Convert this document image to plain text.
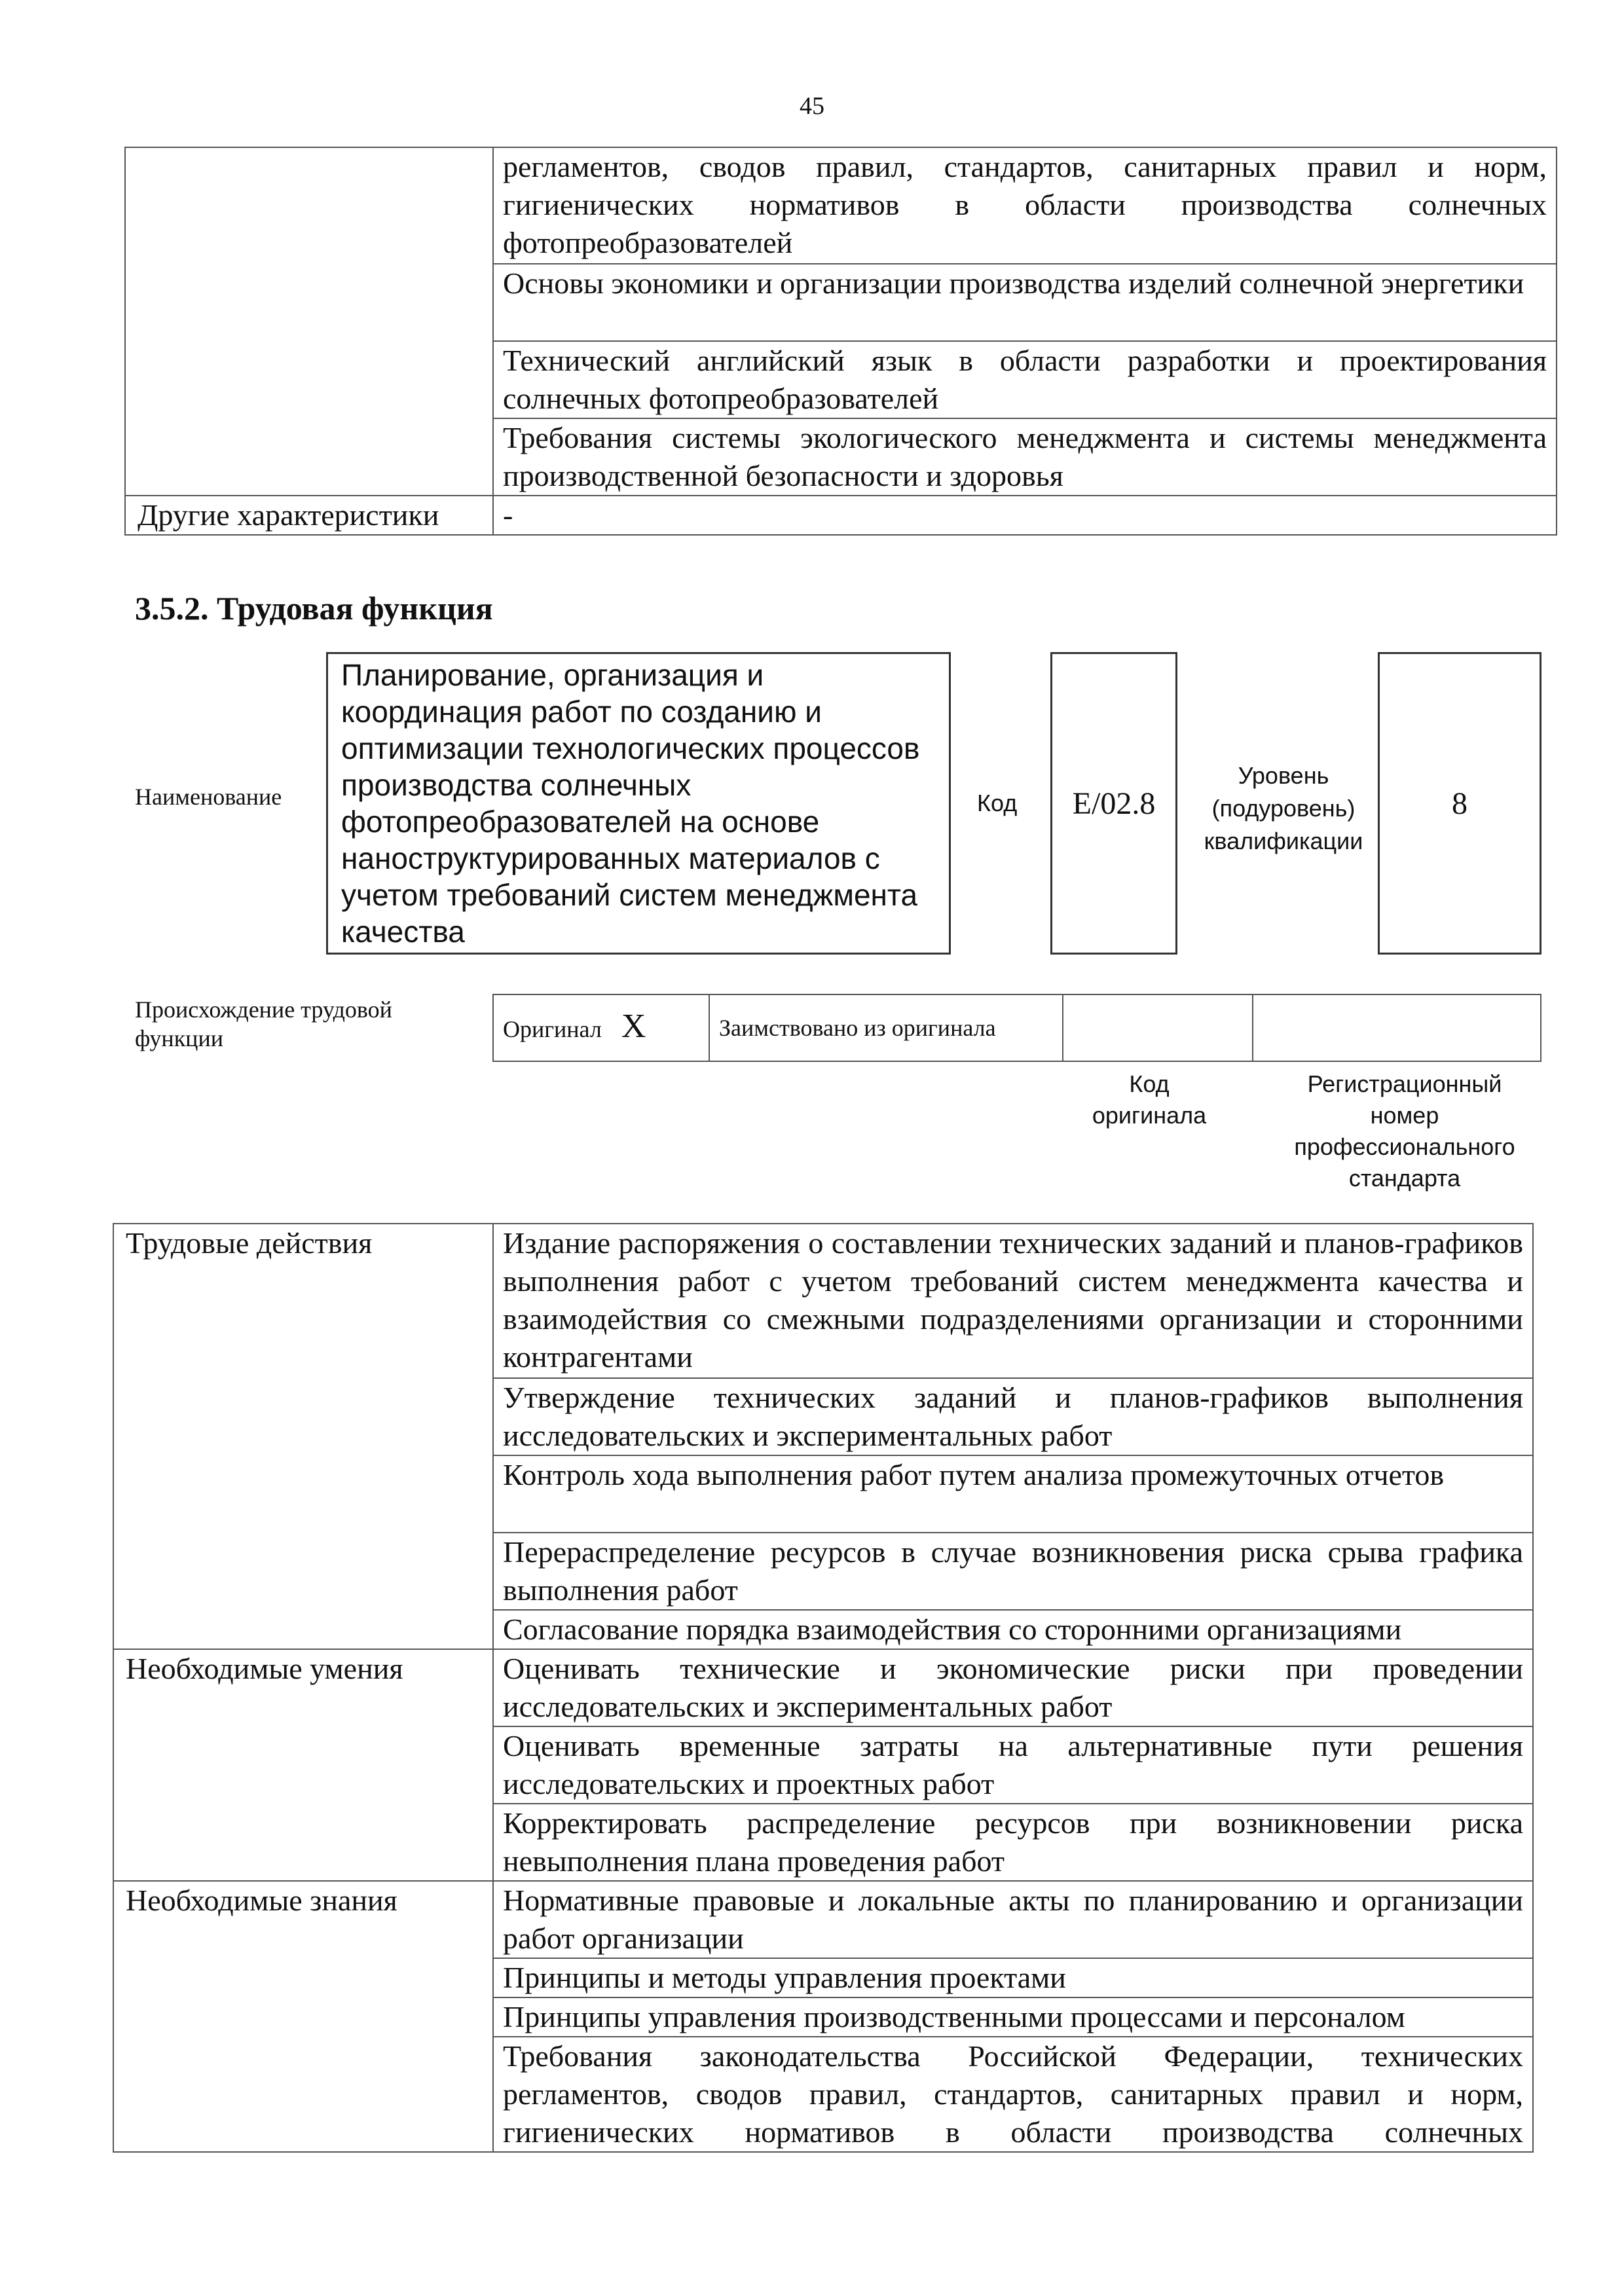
45
	регламентов, сводов правил, стандартов, санитарных правил и норм, гигиенических нормативов в области производства солнечных фотопреобразователей
	Основы экономики и организации производства изделий солнечной энергетики
	Технический английский язык в области разработки и проектирования солнечных фотопреобразователей
	Требования системы экологического менеджмента и системы менеджмента производственной безопасности и здоровья
Другие характеристики	-
3.5.2. Трудовая функция
Наименование
Планирование, организация и координация работ по созданию и оптимизации технологических процессов производства солнечных фотопреобразователей на основе наноструктурированных материалов с учетом требований систем менеджмента качества
Код	E/02.8
Уровень (подуровень) квалификации
8
Происхождение трудовой функции	Оригинал X	Заимствовано из оригинала		
Код оригинала
Регистрационный номер профессионального стандарта
Трудовые действия	Издание распоряжения о составлении технических заданий и планов-графиков выполнения работ с учетом требований систем менеджмента качества и взаимодействия со смежными подразделениями организации и сторонними контрагентами
	Утверждение технических заданий и планов-графиков выполнения исследовательских и экспериментальных работ
	Контроль хода выполнения работ путем анализа промежуточных отчетов
	Перераспределение ресурсов в случае возникновения риска срыва графика выполнения работ
	Согласование порядка взаимодействия со сторонними организациями
Необходимые умения	Оценивать технические и экономические риски при проведении исследовательских и экспериментальных работ
	Оценивать временные затраты на альтернативные пути решения исследовательских и проектных работ
	Корректировать распределение ресурсов при возникновении риска невыполнения плана проведения работ
Необходимые знания	Нормативные правовые и локальные акты по планированию и организации работ организации
	Принципы и методы управления проектами
	Принципы управления производственными процессами и персоналом
	Требования законодательства Российской Федерации, технических регламентов, сводов правил, стандартов, санитарных правил и норм, гигиенических нормативов в области производства солнечных
